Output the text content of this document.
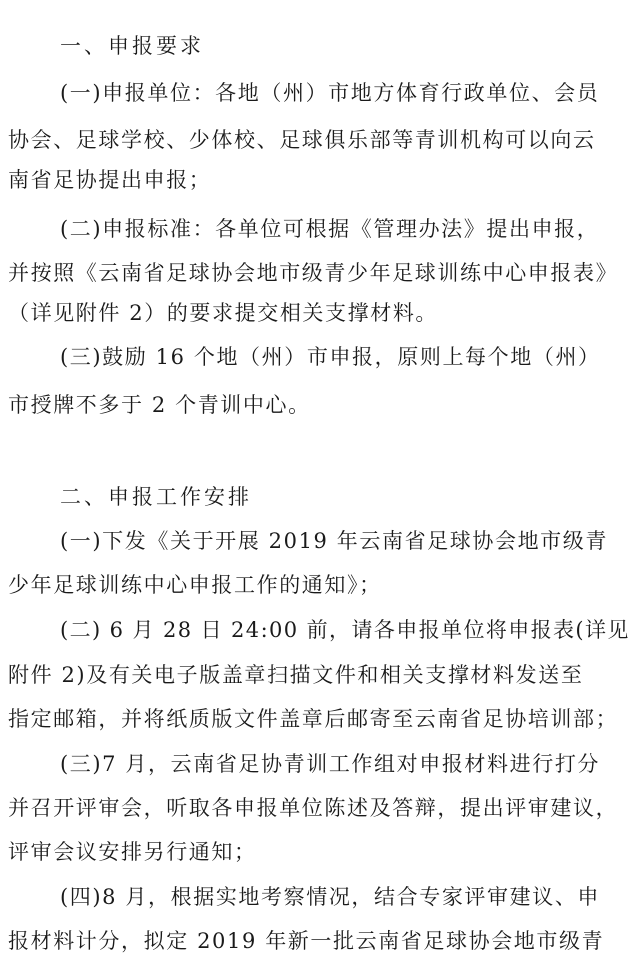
一、申报要求
(一)申报单位：各地（州）市地方体育行政单位、会员
协会、足球学校、少体校、足球俱乐部等青训机构可以向云
南省足协提出申报；
(二)申报标准：各单位可根据《管理办法》提出申报，
并按照《云南省足球协会地市级青少年足球训练中心申报表》
（详见附件 2）的要求提交相关支撑材料。
(三)鼓励 16 个地（州）市申报，原则上每个地（州）
市授牌不多于 2 个青训中心。
二、申报工作安排
(一)下发《关于开展 2019 年云南省足球协会地市级青
少年足球训练中心申报工作的通知》；
(二) 6 月 28 日 24:00 前，请各申报单位将申报表(详见
附件 2)及有关电子版盖章扫描文件和相关支撑材料发送至
指定邮箱，并将纸质版文件盖章后邮寄至云南省足协培训部；
(三)7 月，云南省足协青训工作组对申报材料进行打分
并召开评审会，听取各申报单位陈述及答辩，提出评审建议，
评审会议安排另行通知；
(四)8 月，根据实地考察情况，结合专家评审建议、申
报材料计分，拟定 2019 年新一批云南省足球协会地市级青
